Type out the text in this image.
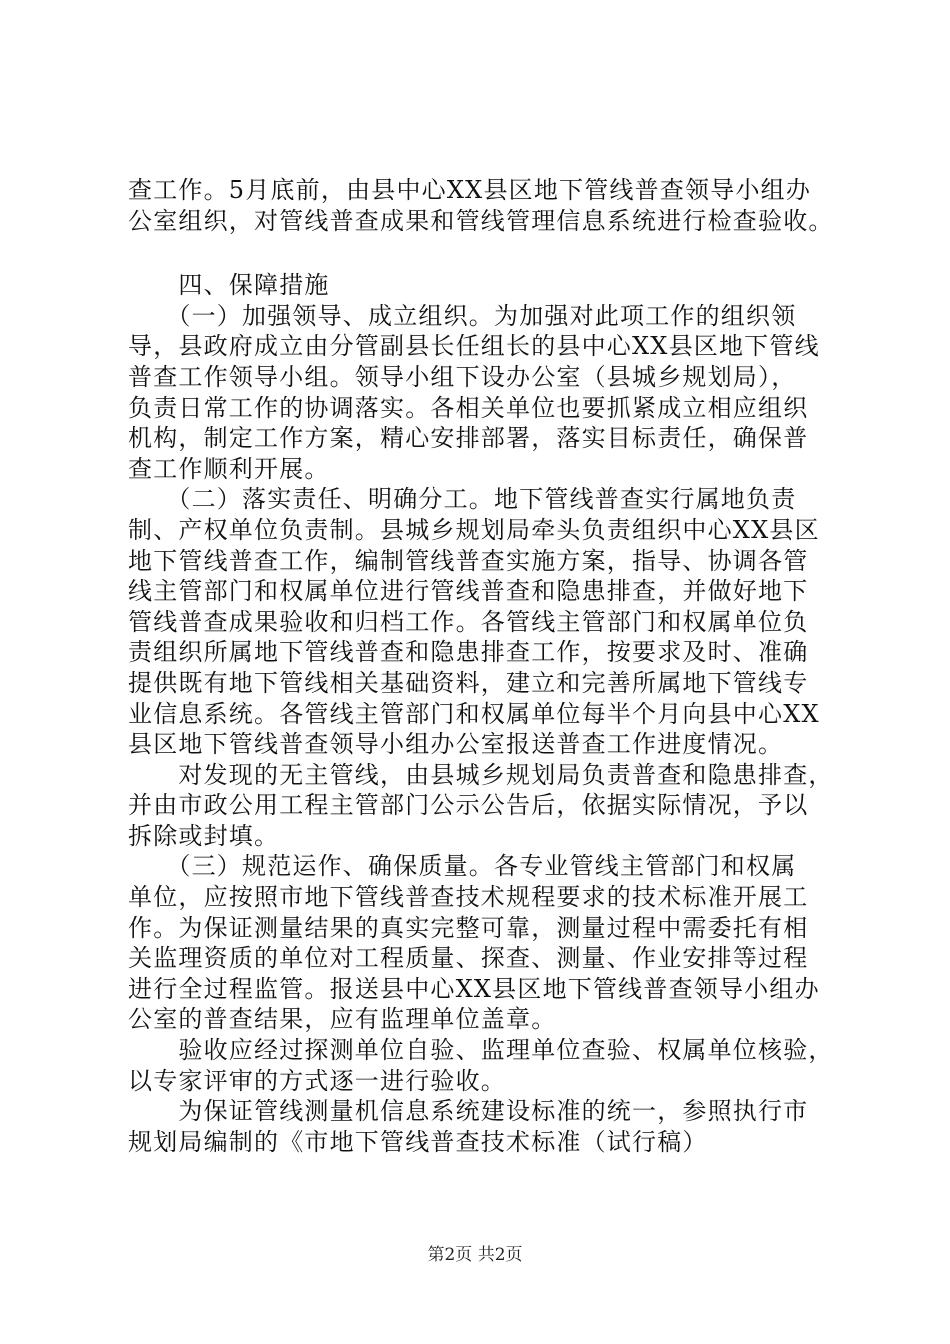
查工作。5月底前，由县中心XX县区地下管线普查领导小组办
公室组织，对管线普查成果和管线管理信息系统进行检查验收。
　　四、保障措施
　　（一）加强领导、成立组织。为加强对此项工作的组织领
导，县政府成立由分管副县长任组长的县中心XX县区地下管线
普查工作领导小组。领导小组下设办公室（县城乡规划局），
负责日常工作的协调落实。各相关单位也要抓紧成立相应组织
机构，制定工作方案，精心安排部署，落实目标责任，确保普
查工作顺利开展。
　　（二）落实责任、明确分工。地下管线普查实行属地负责
制、产权单位负责制。县城乡规划局牵头负责组织中心XX县区
地下管线普查工作，编制管线普查实施方案，指导、协调各管
线主管部门和权属单位进行管线普查和隐患排查，并做好地下
管线普查成果验收和归档工作。各管线主管部门和权属单位负
责组织所属地下管线普查和隐患排查工作，按要求及时、准确
提供既有地下管线相关基础资料，建立和完善所属地下管线专
业信息系统。各管线主管部门和权属单位每半个月向县中心XX
县区地下管线普查领导小组办公室报送普查工作进度情况。
　　对发现的无主管线，由县城乡规划局负责普查和隐患排查，
并由市政公用工程主管部门公示公告后，依据实际情况，予以
拆除或封填。
　　（三）规范运作、确保质量。各专业管线主管部门和权属
单位，应按照市地下管线普查技术规程要求的技术标准开展工
作。为保证测量结果的真实完整可靠，测量过程中需委托有相
关监理资质的单位对工程质量、探查、测量、作业安排等过程
进行全过程监管。报送县中心XX县区地下管线普查领导小组办
公室的普查结果，应有监理单位盖章。
　　验收应经过探测单位自验、监理单位查验、权属单位核验，
以专家评审的方式逐一进行验收。
　　为保证管线测量机信息系统建设标准的统一，参照执行市
规划局编制的《市地下管线普查技术标准（试行稿）
第2页 共2页
